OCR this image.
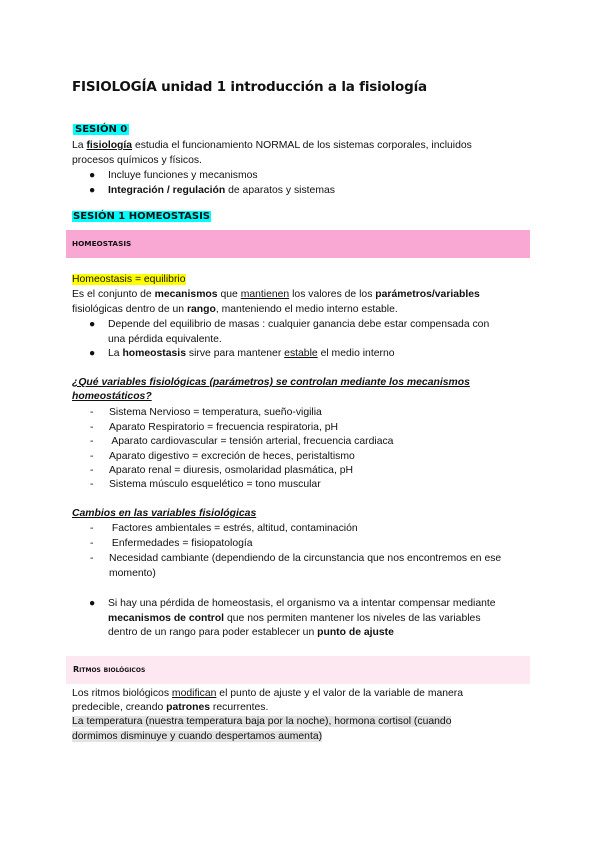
FISIOLOGÍA unidad 1 introducción a la fisiología
SESIÓN 0
La fisiología estudia el funcionamiento NORMAL de los sistemas corporales, incluidos
procesos químicos y físicos.
● Incluye funciones y mecanismos
● Integración / regulación de aparatos y sistemas
SESIÓN 1 HOMEOSTASIS
HOMEOSTASIS
Homeostasis = equilibrio
Es el conjunto de mecanismos que mantienen los valores de los parámetros/variables
fisiológicas dentro de un rango, manteniendo el medio interno estable.
● Depende del equilibrio de masas : cualquier ganancia debe estar compensada con
una pérdida equivalente.
● La homeostasis sirve para mantener estable el medio interno
¿Qué variables fisiológicas (parámetros) se controlan mediante los mecanismos
homeostáticos?
- Sistema Nervioso = temperatura, sueño-vigilia
- Aparato Respiratorio = frecuencia respiratoria, pH
- Aparato cardiovascular = tensión arterial, frecuencia cardiaca
- Aparato digestivo = excreción de heces, peristaltismo
- Aparato renal = diuresis, osmolaridad plasmática, pH
- Sistema músculo esquelético = tono muscular
Cambios en las variables fisiológicas
- Factores ambientales = estrés, altitud, contaminación
- Enfermedades = fisiopatología
- Necesidad cambiante (dependiendo de la circunstancia que nos encontremos en ese
momento)
● Si hay una pérdida de homeostasis, el organismo va a intentar compensar mediante
mecanismos de control que nos permiten mantener los niveles de las variables
dentro de un rango para poder establecer un punto de ajuste
Ritmos biológicos
Los ritmos biológicos modifican el punto de ajuste y el valor de la variable de manera
predecible, creando patrones recurrentes.
La temperatura (nuestra temperatura baja por la noche), hormona cortisol (cuando
dormimos disminuye y cuando despertamos aumenta)
